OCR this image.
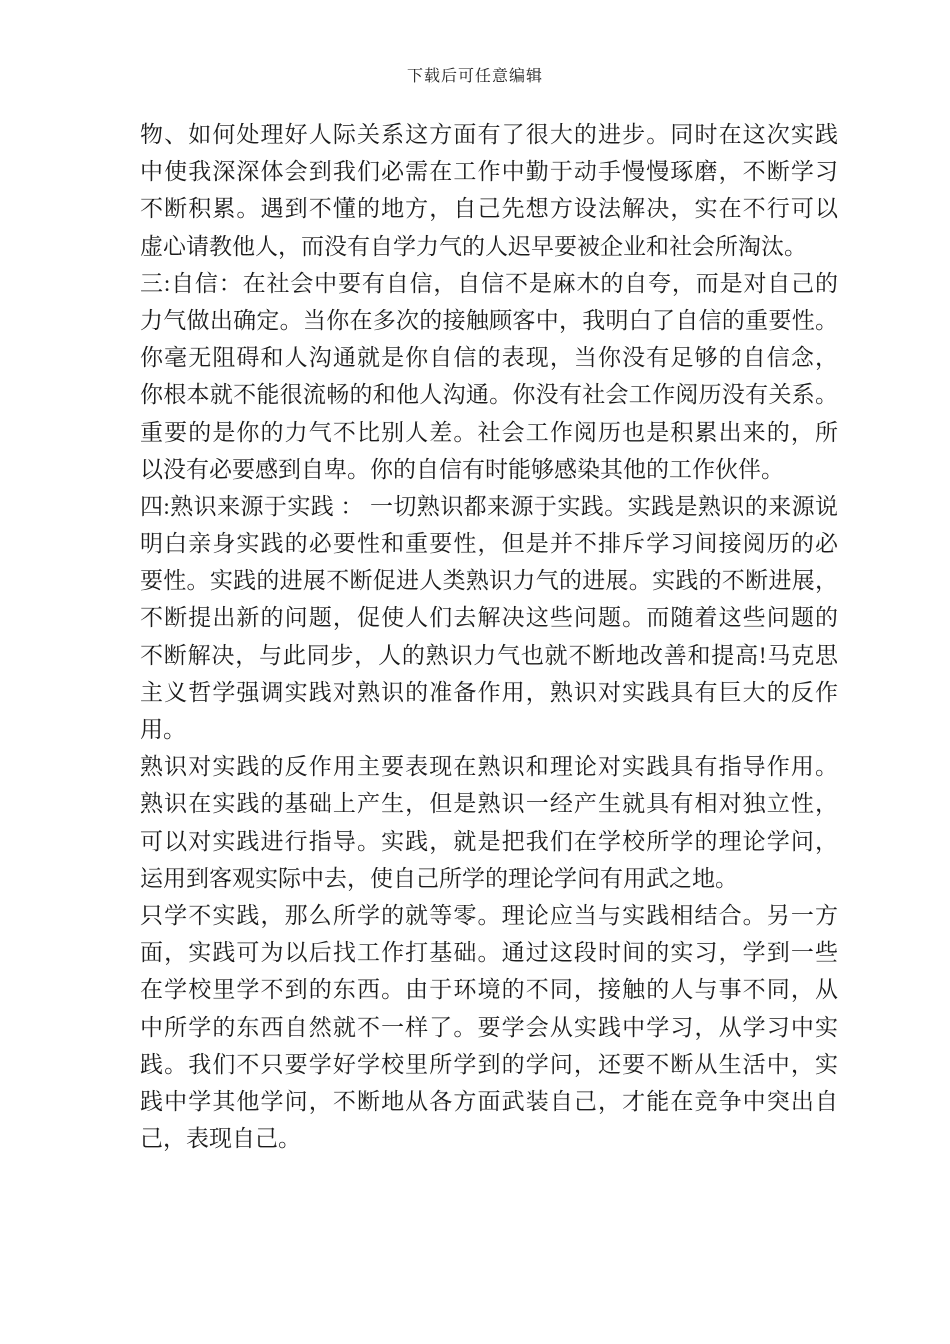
下载后可任意编辑
物、如何处理好人际关系这方面有了很大的进步。同时在这次实践
中使我深深体会到我们必需在工作中勤于动手慢慢琢磨，不断学习
不断积累。遇到不懂的地方，自己先想方设法解决，实在不行可以
虚心请教他人，而没有自学力气的人迟早要被企业和社会所淘汰。
三:自信：在社会中要有自信，自信不是麻木的自夸，而是对自己的
力气做出确定。当你在多次的接触顾客中，我明白了自信的重要性。
你毫无阻碍和人沟通就是你自信的表现，当你没有足够的自信念，
你根本就不能很流畅的和他人沟通。你没有社会工作阅历没有关系。
重要的是你的力气不比别人差。社会工作阅历也是积累出来的，所
以没有必要感到自卑。你的自信有时能够感染其他的工作伙伴。
四:熟识来源于实践 ： 一切熟识都来源于实践。实践是熟识的来源说
明白亲身实践的必要性和重要性，但是并不排斥学习间接阅历的必
要性。实践的进展不断促进人类熟识力气的进展。实践的不断进展，
不断提出新的问题，促使人们去解决这些问题。而随着这些问题的
不断解决，与此同步，人的熟识力气也就不断地改善和提高!马克思
主义哲学强调实践对熟识的准备作用，熟识对实践具有巨大的反作
用。
熟识对实践的反作用主要表现在熟识和理论对实践具有指导作用。
熟识在实践的基础上产生，但是熟识一经产生就具有相对独立性，
可以对实践进行指导。实践，就是把我们在学校所学的理论学问，
运用到客观实际中去，使自己所学的理论学问有用武之地。
只学不实践，那么所学的就等零。理论应当与实践相结合。另一方
面，实践可为以后找工作打基础。通过这段时间的实习，学到一些
在学校里学不到的东西。由于环境的不同，接触的人与事不同，从
中所学的东西自然就不一样了。要学会从实践中学习，从学习中实
践。我们不只要学好学校里所学到的学问，还要不断从生活中，实
践中学其他学问，不断地从各方面武装自己，才能在竞争中突出自
己，表现自己。
